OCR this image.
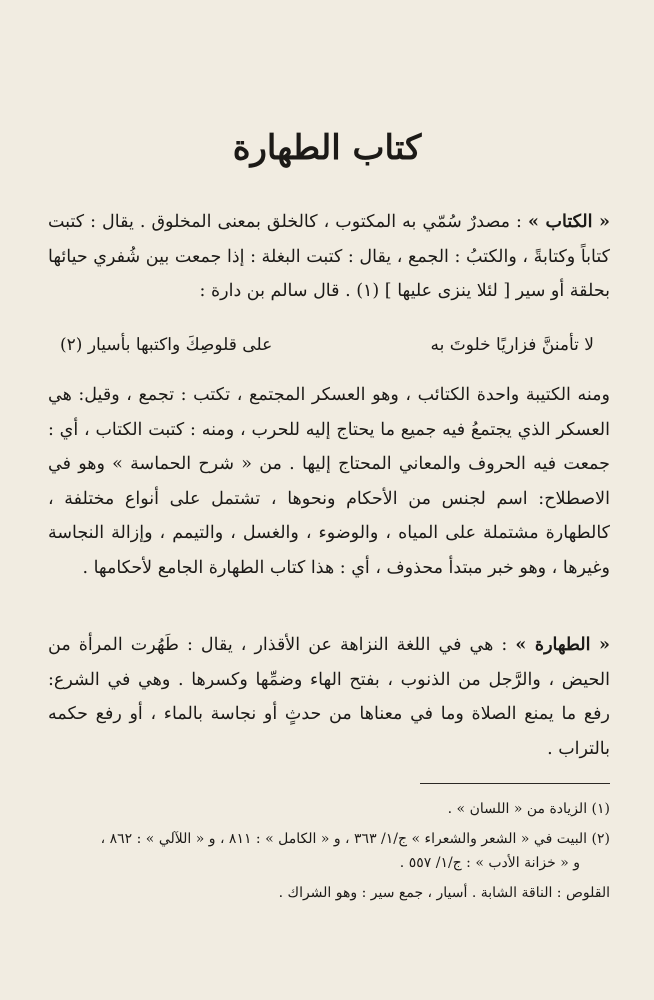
كتاب الطهارة

« الكتاب » : مصدرٌ سُمّي به المكتوب ، كالخلق بمعنى المخلوق . يقال : كتبت كتاباً وكتابةً ، والكتبُ : الجمع ، يقال : كتبت البغلة : إذا جمعت بين شُفري حيائها بحلقة أو سير [ لئلا ينزى عليها ] (١) . قال سالم بن دارة :

لا تأمننَّ فزاريًا خلوتَ به
على قلوصِكَ واكتبها بأسيار (٢)

ومنه الكتيبة واحدة الكتائب ، وهو العسكر المجتمع ، تكتب : تجمع ، وقيل: هي العسكر الذي يجتمعُ فيه جميع ما يحتاج إليه للحرب ، ومنه : كتبت الكتاب ، أي : جمعت فيه الحروف والمعاني المحتاج إليها . من « شرح الحماسة » وهو في الاصطلاح: اسم لجنس من الأحكام ونحوها ، تشتمل على أنواع مختلفة ، كالطهارة مشتملة على المياه ، والوضوء ، والغسل ، والتيمم ، وإزالة النجاسة وغيرها ، وهو خبر مبتدأ محذوف ، أي : هذا كتاب الطهارة الجامع لأحكامها .

« الطهارة » : هي في اللغة النزاهة عن الأقذار ، يقال : طَهُرت المرأة من الحيض ، والرَّجل من الذنوب ، بفتح الهاء وضمِّها وكسرها . وهي في الشرع: رفع ما يمنع الصلاة وما في معناها من حدثٍ أو نجاسة بالماء ، أو رفع حكمه بالتراب .

(١) الزيادة من « اللسان » .

(٢) البيت في « الشعر والشعراء » ج/١/ ٣٦٣ ، و « الكامل » : ٨١١ ، و « اللآلي » : ٨٦٢ ،

و « خزانة الأدب » : ج/١/ ٥٥٧ .

القلوص : الناقة الشابة . أسيار ، جمع سير : وهو الشراك .
